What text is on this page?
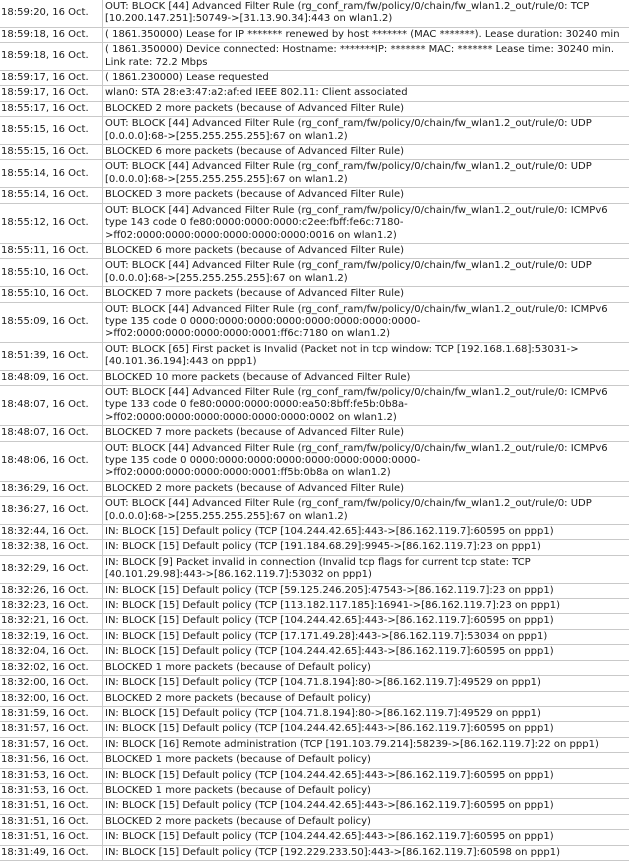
18:59:20, 16 Oct.	OUT: BLOCK [44] Advanced Filter Rule (rg_conf_ram/fw/policy/0/chain/fw_wlan1.2_out/rule/0: TCP [10.200.147.251]:50749->[31.13.90.34]:443 on wlan1.2)
18:59:18, 16 Oct.	( 1861.350000) Lease for IP ******* renewed by host ******* (MAC *******). Lease duration: 30240 min
18:59:18, 16 Oct.	( 1861.350000) Device connected: Hostname: *******IP: ******* MAC: ******* Lease time: 30240 min. Link rate: 72.2 Mbps
18:59:17, 16 Oct.	( 1861.230000) Lease requested
18:59:17, 16 Oct.	wlan0: STA 28:e3:47:a2:af:ed IEEE 802.11: Client associated
18:55:17, 16 Oct.	BLOCKED 2 more packets (because of Advanced Filter Rule)
18:55:15, 16 Oct.	OUT: BLOCK [44] Advanced Filter Rule (rg_conf_ram/fw/policy/0/chain/fw_wlan1.2_out/rule/0: UDP [0.0.0.0]:68->[255.255.255.255]:67 on wlan1.2)
18:55:15, 16 Oct.	BLOCKED 6 more packets (because of Advanced Filter Rule)
18:55:14, 16 Oct.	OUT: BLOCK [44] Advanced Filter Rule (rg_conf_ram/fw/policy/0/chain/fw_wlan1.2_out/rule/0: UDP [0.0.0.0]:68->[255.255.255.255]:67 on wlan1.2)
18:55:14, 16 Oct.	BLOCKED 3 more packets (because of Advanced Filter Rule)
18:55:12, 16 Oct.	OUT: BLOCK [44] Advanced Filter Rule (rg_conf_ram/fw/policy/0/chain/fw_wlan1.2_out/rule/0: ICMPv6 type 143 code 0 fe80:0000:0000:0000:c2ee:fbff:fe6c:7180->ff02:0000:0000:0000:0000:0000:0000:0016 on wlan1.2)
18:55:11, 16 Oct.	BLOCKED 6 more packets (because of Advanced Filter Rule)
18:55:10, 16 Oct.	OUT: BLOCK [44] Advanced Filter Rule (rg_conf_ram/fw/policy/0/chain/fw_wlan1.2_out/rule/0: UDP [0.0.0.0]:68->[255.255.255.255]:67 on wlan1.2)
18:55:10, 16 Oct.	BLOCKED 7 more packets (because of Advanced Filter Rule)
18:55:09, 16 Oct.	OUT: BLOCK [44] Advanced Filter Rule (rg_conf_ram/fw/policy/0/chain/fw_wlan1.2_out/rule/0: ICMPv6 type 135 code 0 0000:0000:0000:0000:0000:0000:0000:0000->ff02:0000:0000:0000:0000:0001:ff6c:7180 on wlan1.2)
18:51:39, 16 Oct.	OUT: BLOCK [65] First packet is Invalid (Packet not in tcp window: TCP [192.168.1.68]:53031->[40.101.36.194]:443 on ppp1)
18:48:09, 16 Oct.	BLOCKED 10 more packets (because of Advanced Filter Rule)
18:48:07, 16 Oct.	OUT: BLOCK [44] Advanced Filter Rule (rg_conf_ram/fw/policy/0/chain/fw_wlan1.2_out/rule/0: ICMPv6 type 133 code 0 fe80:0000:0000:0000:ea50:8bff:fe5b:0b8a->ff02:0000:0000:0000:0000:0000:0000:0002 on wlan1.2)
18:48:07, 16 Oct.	BLOCKED 7 more packets (because of Advanced Filter Rule)
18:48:06, 16 Oct.	OUT: BLOCK [44] Advanced Filter Rule (rg_conf_ram/fw/policy/0/chain/fw_wlan1.2_out/rule/0: ICMPv6 type 135 code 0 0000:0000:0000:0000:0000:0000:0000:0000->ff02:0000:0000:0000:0000:0001:ff5b:0b8a on wlan1.2)
18:36:29, 16 Oct.	BLOCKED 2 more packets (because of Advanced Filter Rule)
18:36:27, 16 Oct.	OUT: BLOCK [44] Advanced Filter Rule (rg_conf_ram/fw/policy/0/chain/fw_wlan1.2_out/rule/0: UDP [0.0.0.0]:68->[255.255.255.255]:67 on wlan1.2)
18:32:44, 16 Oct.	IN: BLOCK [15] Default policy (TCP [104.244.42.65]:443->[86.162.119.7]:60595 on ppp1)
18:32:38, 16 Oct.	IN: BLOCK [15] Default policy (TCP [191.184.68.29]:9945->[86.162.119.7]:23 on ppp1)
18:32:29, 16 Oct.	IN: BLOCK [9] Packet invalid in connection (Invalid tcp flags for current tcp state: TCP [40.101.29.98]:443->[86.162.119.7]:53032 on ppp1)
18:32:26, 16 Oct.	IN: BLOCK [15] Default policy (TCP [59.125.246.205]:47543->[86.162.119.7]:23 on ppp1)
18:32:23, 16 Oct.	IN: BLOCK [15] Default policy (TCP [113.182.117.185]:16941->[86.162.119.7]:23 on ppp1)
18:32:21, 16 Oct.	IN: BLOCK [15] Default policy (TCP [104.244.42.65]:443->[86.162.119.7]:60595 on ppp1)
18:32:19, 16 Oct.	IN: BLOCK [15] Default policy (TCP [17.171.49.28]:443->[86.162.119.7]:53034 on ppp1)
18:32:04, 16 Oct.	IN: BLOCK [15] Default policy (TCP [104.244.42.65]:443->[86.162.119.7]:60595 on ppp1)
18:32:02, 16 Oct.	BLOCKED 1 more packets (because of Default policy)
18:32:00, 16 Oct.	IN: BLOCK [15] Default policy (TCP [104.71.8.194]:80->[86.162.119.7]:49529 on ppp1)
18:32:00, 16 Oct.	BLOCKED 2 more packets (because of Default policy)
18:31:59, 16 Oct.	IN: BLOCK [15] Default policy (TCP [104.71.8.194]:80->[86.162.119.7]:49529 on ppp1)
18:31:57, 16 Oct.	IN: BLOCK [15] Default policy (TCP [104.244.42.65]:443->[86.162.119.7]:60595 on ppp1)
18:31:57, 16 Oct.	IN: BLOCK [16] Remote administration (TCP [191.103.79.214]:58239->[86.162.119.7]:22 on ppp1)
18:31:56, 16 Oct.	BLOCKED 1 more packets (because of Default policy)
18:31:53, 16 Oct.	IN: BLOCK [15] Default policy (TCP [104.244.42.65]:443->[86.162.119.7]:60595 on ppp1)
18:31:53, 16 Oct.	BLOCKED 1 more packets (because of Default policy)
18:31:51, 16 Oct.	IN: BLOCK [15] Default policy (TCP [104.244.42.65]:443->[86.162.119.7]:60595 on ppp1)
18:31:51, 16 Oct.	BLOCKED 2 more packets (because of Default policy)
18:31:51, 16 Oct.	IN: BLOCK [15] Default policy (TCP [104.244.42.65]:443->[86.162.119.7]:60595 on ppp1)
18:31:49, 16 Oct.	IN: BLOCK [15] Default policy (TCP [192.229.233.50]:443->[86.162.119.7]:60598 on ppp1)
